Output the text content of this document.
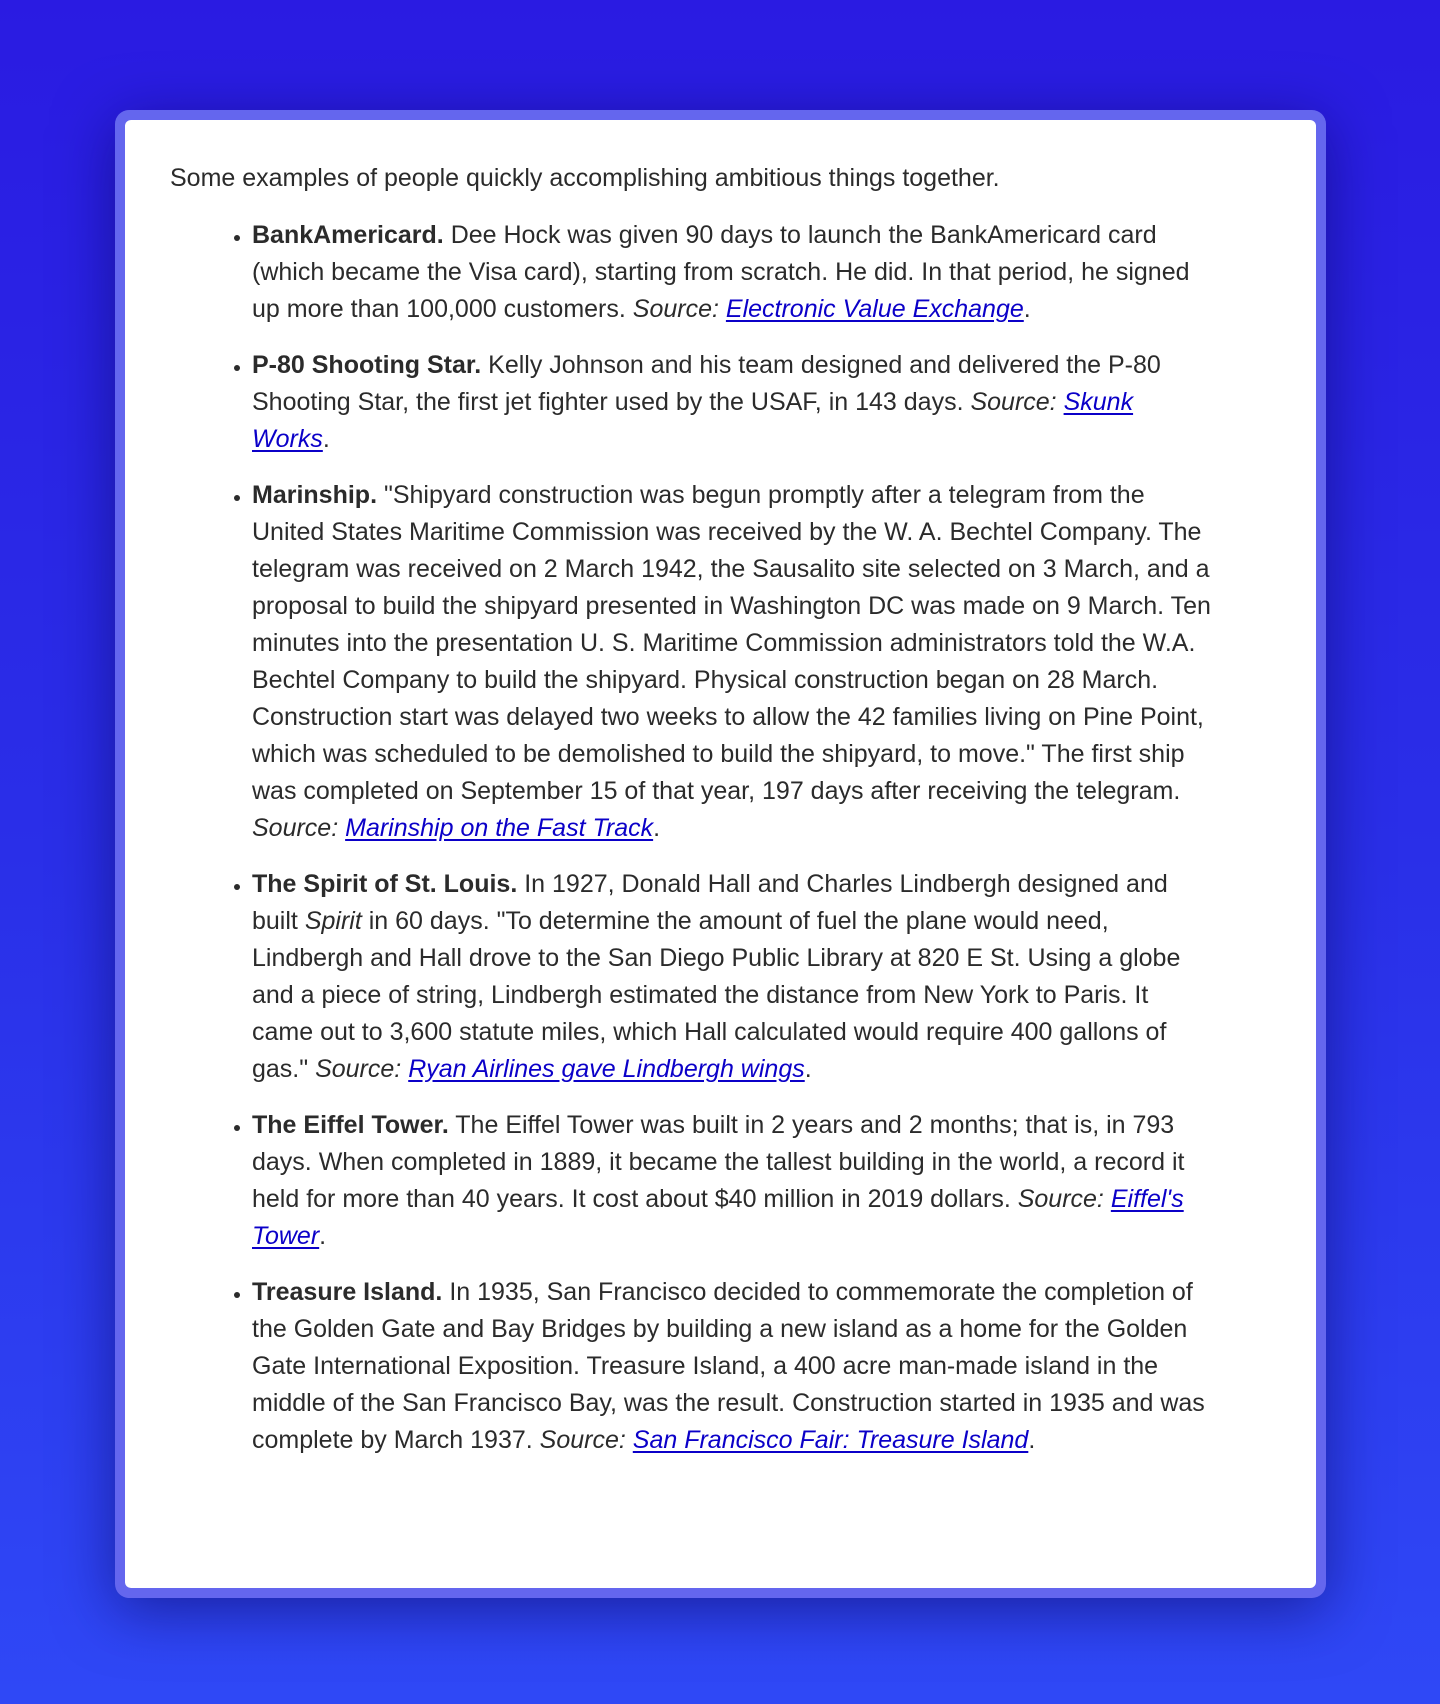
Some examples of people quickly accomplishing ambitious things together.

• BankAmericard. Dee Hock was given 90 days to launch the BankAmericard card (which became the Visa card), starting from scratch. He did. In that period, he signed up more than 100,000 customers. Source: Electronic Value Exchange.
• P-80 Shooting Star. Kelly Johnson and his team designed and delivered the P-80 Shooting Star, the first jet fighter used by the USAF, in 143 days. Source: Skunk Works.
• Marinship. "Shipyard construction was begun promptly after a telegram from the United States Maritime Commission was received by the W. A. Bechtel Company. The telegram was received on 2 March 1942, the Sausalito site selected on 3 March, and a proposal to build the shipyard presented in Washington DC was made on 9 March. Ten minutes into the presentation U. S. Maritime Commission administrators told the W.A. Bechtel Company to build the shipyard. Physical construction began on 28 March. Construction start was delayed two weeks to allow the 42 families living on Pine Point, which was scheduled to be demolished to build the shipyard, to move." The first ship was completed on September 15 of that year, 197 days after receiving the telegram. Source: Marinship on the Fast Track.
• The Spirit of St. Louis. In 1927, Donald Hall and Charles Lindbergh designed and built Spirit in 60 days. "To determine the amount of fuel the plane would need, Lindbergh and Hall drove to the San Diego Public Library at 820 E St. Using a globe and a piece of string, Lindbergh estimated the distance from New York to Paris. It came out to 3,600 statute miles, which Hall calculated would require 400 gallons of gas." Source: Ryan Airlines gave Lindbergh wings.
• The Eiffel Tower. The Eiffel Tower was built in 2 years and 2 months; that is, in 793 days. When completed in 1889, it became the tallest building in the world, a record it held for more than 40 years. It cost about $40 million in 2019 dollars. Source: Eiffel's Tower.
• Treasure Island. In 1935, San Francisco decided to commemorate the completion of the Golden Gate and Bay Bridges by building a new island as a home for the Golden Gate International Exposition. Treasure Island, a 400 acre man-made island in the middle of the San Francisco Bay, was the result. Construction started in 1935 and was complete by March 1937. Source: San Francisco Fair: Treasure Island.
